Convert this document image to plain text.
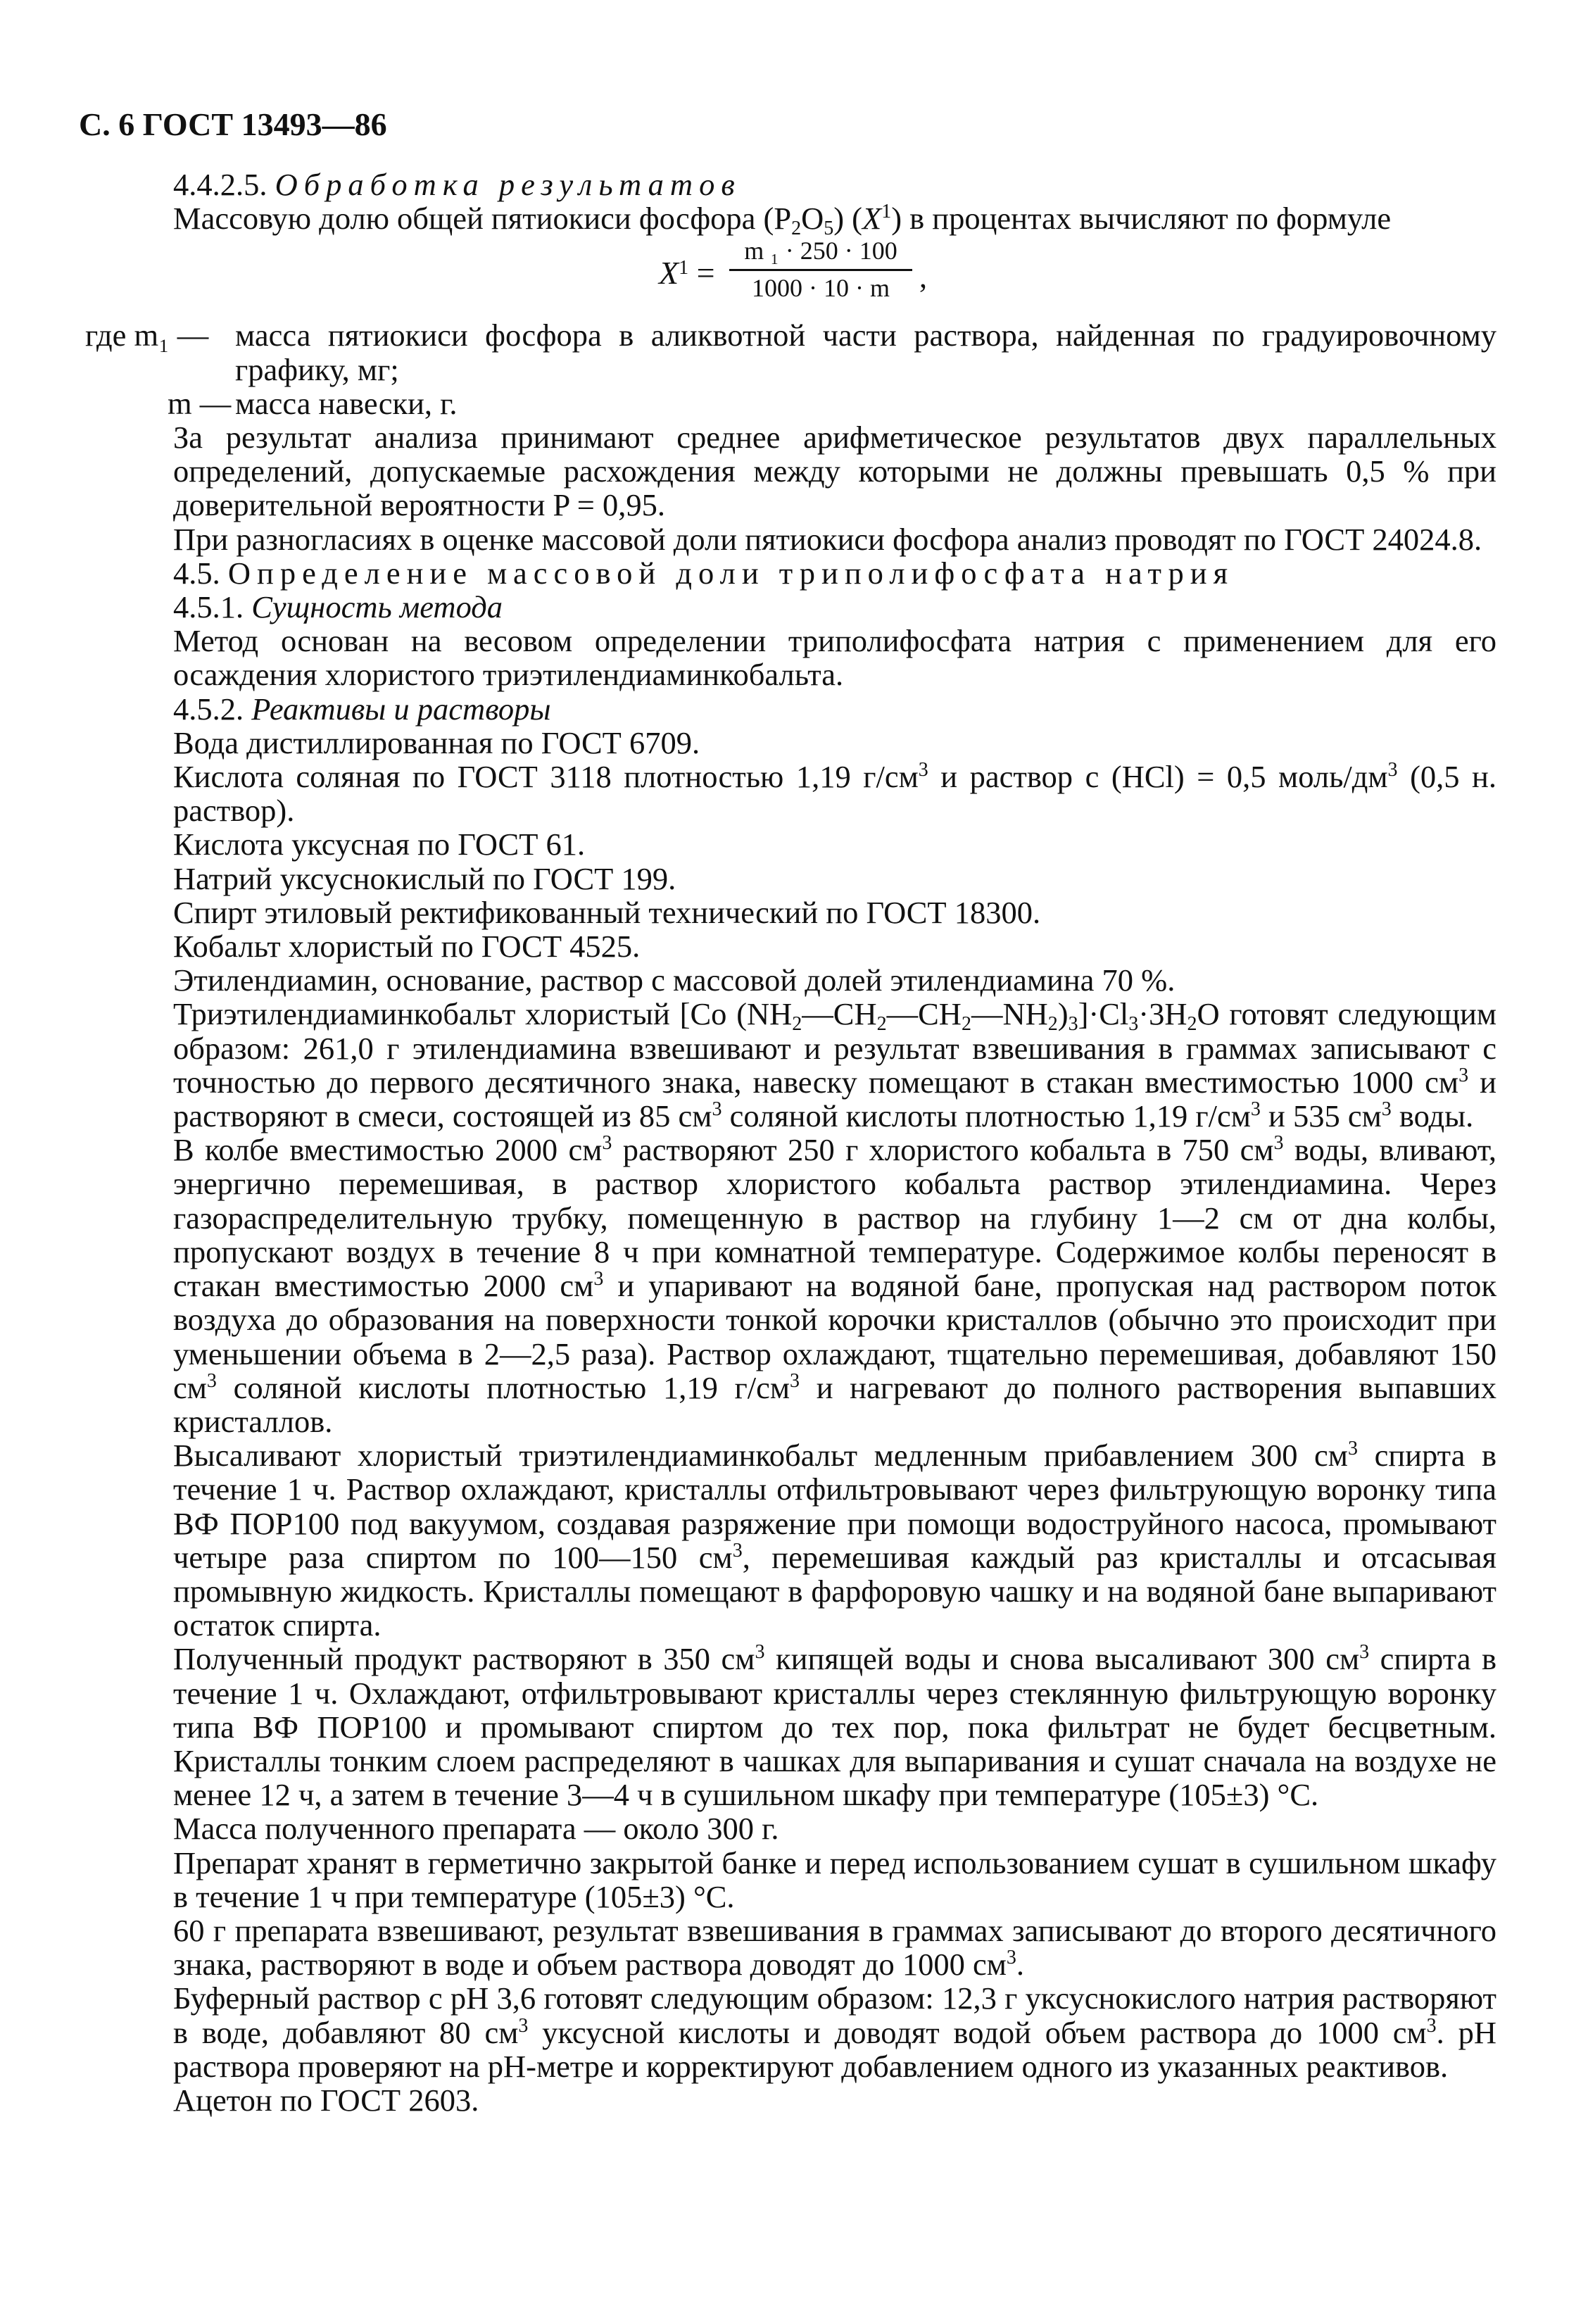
С. 6 ГОСТ 13493—86

4.4.2.5. Обработка результатов

Массовую долю общей пятиокиси фосфора $(P_2O_5)$ $(X^1)$ в процентах вычисляют по формуле

$X^1$ =
m ₁ · 250 · 100
1000 · 10 · m ,
где m₁ — масса пятиокиси фосфора в аликвотной части раствора, найденная по градуировочному графику, мг;
m — масса навески, г.

За результат анализа принимают среднее арифметическое результатов двух параллельных определений, допускаемые расхождения между которыми не должны превышать 0,5 % при доверительной вероятности P = 0,95.

При разногласиях в оценке массовой доли пятиокиси фосфора анализ проводят по ГОСТ 24024.8.

4.5. Определение массовой доли триполифосфата натрия

4.5.1. Сущность метода

Метод основан на весовом определении триполифосфата натрия с применением для его осаждения хлористого триэтилендиаминкобальта.

4.5.2. Реактивы и растворы

Вода дистиллированная по ГОСТ 6709.

Кислота соляная по ГОСТ 3118 плотностью 1,19 $г/см^3$ и раствор c (HCl) = 0,5 моль/$дм^3$ (0,5 н. раствор).

Кислота уксусная по ГОСТ 61.

Натрий уксуснокислый по ГОСТ 199.

Спирт этиловый ректификованный технический по ГОСТ 18300.

Кобальт хлористый по ГОСТ 4525.

Этилендиамин, основание, раствор с массовой долей этилендиамина 70 %.

Триэтилендиаминкобальт хлористый [Co $(NH_2—CH_2—CH_2—NH_2)_3]\cdot Cl_3\cdot 3H_2O$ готовят следующим образом: 261,0 г этилендиамина взвешивают и результат взвешивания в граммах записывают с точностью до первого десятичного знака, навеску помещают в стакан вместимостью 1000 $см^3$ и растворяют в смеси, состоящей из 85 $см^3$ соляной кислоты плотностью 1,19 $г/см^3$ и 535 $см^3$ воды.

В колбе вместимостью 2000 $см^3$ растворяют 250 г хлористого кобальта в 750 $см^3$ воды, вливают, энергично перемешивая, в раствор хлористого кобальта раствор этилендиамина. Через газораспределительную трубку, помещенную в раствор на глубину 1—2 см от дна колбы, пропускают воздух в течение 8 ч при комнатной температуре. Содержимое колбы переносят в стакан вместимостью 2000 $см^3$ и упаривают на водяной бане, пропуская над раствором поток воздуха до образования на поверхности тонкой корочки кристаллов (обычно это происходит при уменьшении объема в 2—2,5 раза). Раствор охлаждают, тщательно перемешивая, добавляют 150 $см^3$ соляной кислоты плотностью 1,19 $г/см^3$ и нагревают до полного растворения выпавших кристаллов.

Высаливают хлористый триэтилендиаминкобальт медленным прибавлением 300 $см^3$ спирта в течение 1 ч. Раствор охлаждают, кристаллы отфильтровывают через фильтрующую воронку типа ВФ ПОР100 под вакуумом, создавая разряжение при помощи водоструйного насоса, промывают четыре раза спиртом по 100—150 $см^3$, перемешивая каждый раз кристаллы и отсасывая промывную жидкость. Кристаллы помещают в фарфоровую чашку и на водяной бане выпаривают остаток спирта.

Полученный продукт растворяют в 350 $см^3$ кипящей воды и снова высаливают 300 $см^3$ спирта в течение 1 ч. Охлаждают, отфильтровывают кристаллы через стеклянную фильтрующую воронку типа ВФ ПОР100 и промывают спиртом до тех пор, пока фильтрат не будет бесцветным. Кристаллы тонким слоем распределяют в чашках для выпаривания и сушат сначала на воздухе не менее 12 ч, а затем в течение 3—4 ч в сушильном шкафу при температуре (105±3) °C.

Масса полученного препарата — около 300 г.

Препарат хранят в герметично закрытой банке и перед использованием сушат в сушильном шкафу в течение 1 ч при температуре (105±3) °C.

60 г препарата взвешивают, результат взвешивания в граммах записывают до второго десятичного знака, растворяют в воде и объем раствора доводят до 1000 $см^3$.

Буферный раствор с pH 3,6 готовят следующим образом: 12,3 г уксуснокислого натрия растворяют в воде, добавляют 80 $см^3$ уксусной кислоты и доводят водой объем раствора до 1000 $см^3$. pH раствора проверяют на pH-метре и корректируют добавлением одного из указанных реактивов.

Ацетон по ГОСТ 2603.
